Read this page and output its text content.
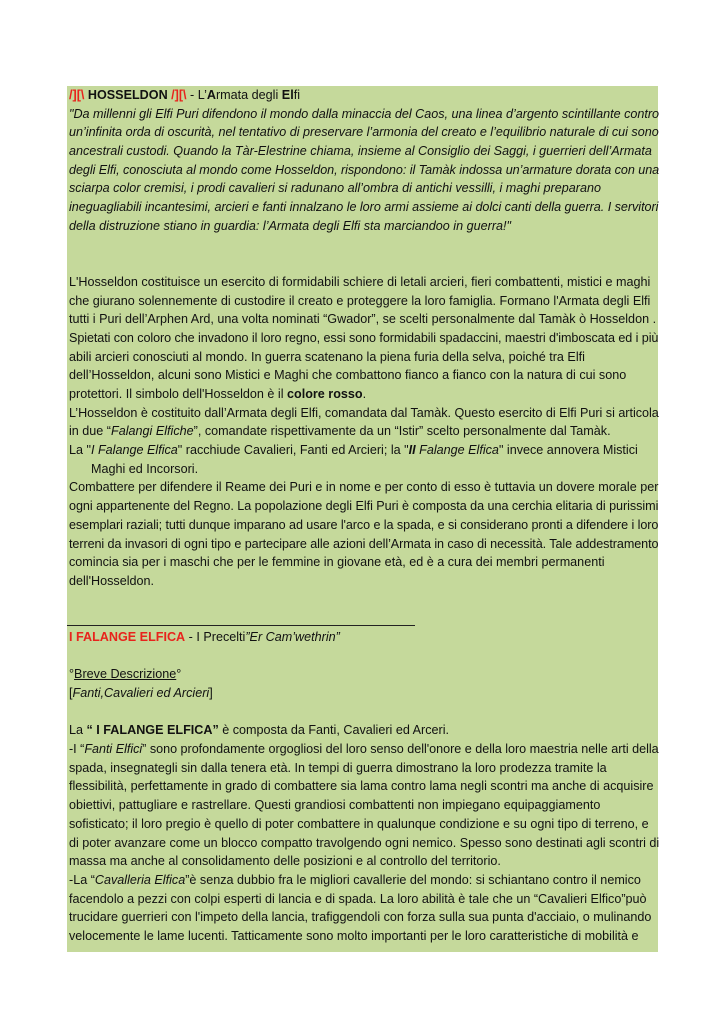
/][\ HOSSELDON /][\ - L’Armata degli Elfi
"Da millenni gli Elfi Puri difendono il mondo dalla minaccia del Caos, una linea d’argento scintillante contro
un’infinita orda di oscurità, nel tentativo di preservare l’armonia del creato e l’equilibrio naturale di cui sono
ancestrali custodi. Quando la Tàr-Elestrine chiama, insieme al Consiglio dei Saggi, i guerrieri dell’Armata
degli Elfi, conosciuta al mondo come Hosseldon, rispondono: il Tamàk indossa un’armature dorata con una
sciarpa color cremisi, i prodi cavalieri si radunano all’ombra di antichi vessilli, i maghi preparano
ineguagliabili incantesimi, arcieri e fanti innalzano le loro armi assieme ai dolci canti della guerra. I servitori
della distruzione stiano in guardia: l’Armata degli Elfi sta marciandoo in guerra!"
L'Hosseldon costituisce un esercito di formidabili schiere di letali arcieri, fieri combattenti, mistici e maghi
che giurano solennemente di custodire il creato e proteggere la loro famiglia. Formano l'Armata degli Elfi
tutti i Puri dell’Arphen Ard, una volta nominati “Gwador”, se scelti personalmente dal Tamàk ò Hosseldon .
Spietati con coloro che invadono il loro regno, essi sono formidabili spadaccini, maestri d'imboscata ed i più
abili arcieri conosciuti al mondo. In guerra scatenano la piena furia della selva, poiché tra Elfi
dell’Hosseldon, alcuni sono Mistici e Maghi che combattono fianco a fianco con la natura di cui sono
protettori. Il simbolo dell'Hosseldon è il colore rosso.
L’Hosseldon è costituito dall’Armata degli Elfi, comandata dal Tamàk. Questo esercito di Elfi Puri si articola
in due “Falangi Elfiche”, comandate rispettivamente da un “Istir” scelto personalmente dal Tamàk.
La "I Falange Elfica" racchiude Cavalieri, Fanti ed Arcieri; la "II Falange Elfica" invece annovera Mistici
Maghi ed Incorsori.
Combattere per difendere il Reame dei Puri e in nome e per conto di esso è tuttavia un dovere morale per
ogni appartenente del Regno. La popolazione degli Elfi Puri è composta da una cerchia elitaria di purissimi
esemplari raziali; tutti dunque imparano ad usare l'arco e la spada, e si considerano pronti a difendere i loro
terreni da invasori di ogni tipo e partecipare alle azioni dell’Armata in caso di necessità. Tale addestramento
comincia sia per i maschi che per le femmine in giovane età, ed è a cura dei membri permanenti
dell'Hosseldon.
I FALANGE ELFICA - I Precelti”Er Cam’wethrin”
°Breve Descrizione°
[Fanti,Cavalieri ed Arcieri]
La “ I FALANGE ELFICA” è composta da Fanti, Cavalieri ed Arceri.
-I “Fanti Elfici” sono profondamente orgogliosi del loro senso dell'onore e della loro maestria nelle arti della
spada, insegnategli sin dalla tenera età. In tempi di guerra dimostrano la loro prodezza tramite la
flessibilità, perfettamente in grado di combattere sia lama contro lama negli scontri ma anche di acquisire
obiettivi, pattugliare e rastrellare. Questi grandiosi combattenti non impiegano equipaggiamento
sofisticato; il loro pregio è quello di poter combattere in qualunque condizione e su ogni tipo di terreno, e
di poter avanzare come un blocco compatto travolgendo ogni nemico. Spesso sono destinati agli scontri di
massa ma anche al consolidamento delle posizioni e al controllo del territorio.
-La “Cavalleria Elfica”è senza dubbio fra le migliori cavallerie del mondo: si schiantano contro il nemico
facendolo a pezzi con colpi esperti di lancia e di spada. La loro abilità è tale che un “Cavalieri Elfico”può
trucidare guerrieri con l'impeto della lancia, trafiggendoli con forza sulla sua punta d'acciaio, o mulinando
velocemente le lame lucenti. Tatticamente sono molto importanti per le loro caratteristiche di mobilità e
